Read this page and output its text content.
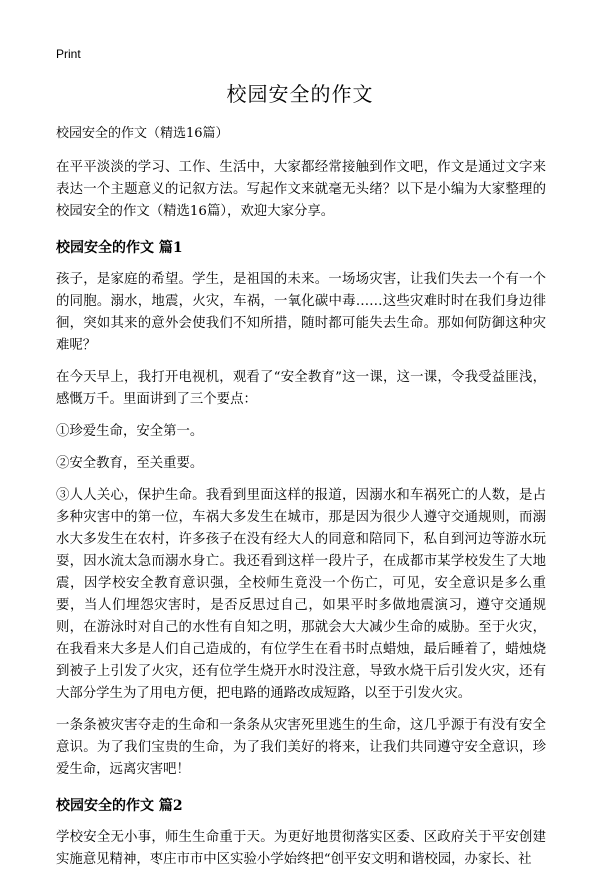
Print
校园安全的作文
校园安全的作文（精选16篇）

在平平淡淡的学习、工作、生活中，大家都经常接触到作文吧，作文是通过文字来表达一个主题意义的记叙方法。写起作文来就毫无头绪？以下是小编为大家整理的校园安全的作文（精选16篇），欢迎大家分享。

校园安全的作文 篇1

孩子，是家庭的希望。学生，是祖国的未来。一场场灾害，让我们失去一个有一个的同胞。溺水，地震，火灾，车祸，一氧化碳中毒……这些灾难时时在我们身边徘徊，突如其来的意外会使我们不知所措，随时都可能失去生命。那如何防御这种灾难呢？

在今天早上，我打开电视机，观看了“安全教育”这一课，这一课，令我受益匪浅，感慨万千。里面讲到了三个要点：

①珍爱生命，安全第一。

②安全教育，至关重要。

③人人关心，保护生命。我看到里面这样的报道，因溺水和车祸死亡的人数，是占多种灾害中的第一位，车祸大多发生在城市，那是因为很少人遵守交通规则，而溺水大多发生在农村，许多孩子在没有经大人的同意和陪同下，私自到河边等游水玩耍，因水流太急而溺水身亡。我还看到这样一段片子，在成都市某学校发生了大地震，因学校安全教育意识强，全校师生竟没一个伤亡，可见，安全意识是多么重要，当人们埋怨灾害时，是否反思过自己，如果平时多做地震演习，遵守交通规则，在游泳时对自己的水性有自知之明，那就会大大减少生命的威胁。至于火灾，在我看来大多是人们自己造成的，有位学生在看书时点蜡烛，最后睡着了，蜡烛烧到被子上引发了火灾，还有位学生烧开水时没注意，导致水烧干后引发火灾，还有大部分学生为了用电方便，把电路的通路改成短路，以至于引发火灾。

一条条被灾害夺走的生命和一条条从灾害死里逃生的生命，这几乎源于有没有安全意识。为了我们宝贵的生命，为了我们美好的将来，让我们共同遵守安全意识，珍爱生命，远离灾害吧！

校园安全的作文 篇2

学校安全无小事，师生生命重于天。为更好地贯彻落实区委、区政府关于平安创建实施意见精神，枣庄市市中区实验小学始终把“创平安文明和谐校园，办家长、社
